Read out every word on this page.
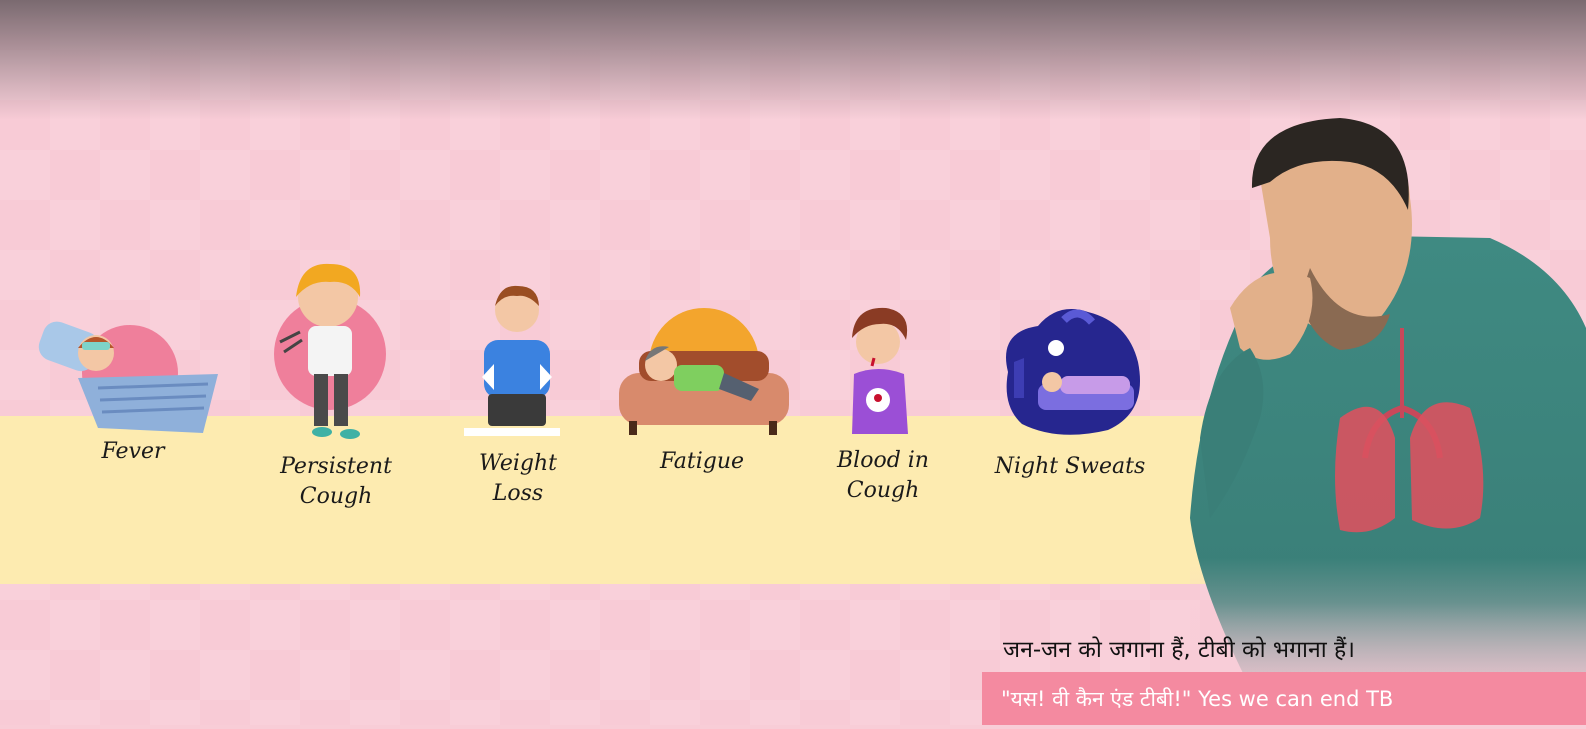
Fever
Persistent
Cough
Weight
Loss
Fatigue	Blood in
Cough
Night Sweats
जन-जन को जगाना हैं, टीबी को भगाना हैं।
"यस! वी कैन एंड टीबी!" Yes we can end TB
